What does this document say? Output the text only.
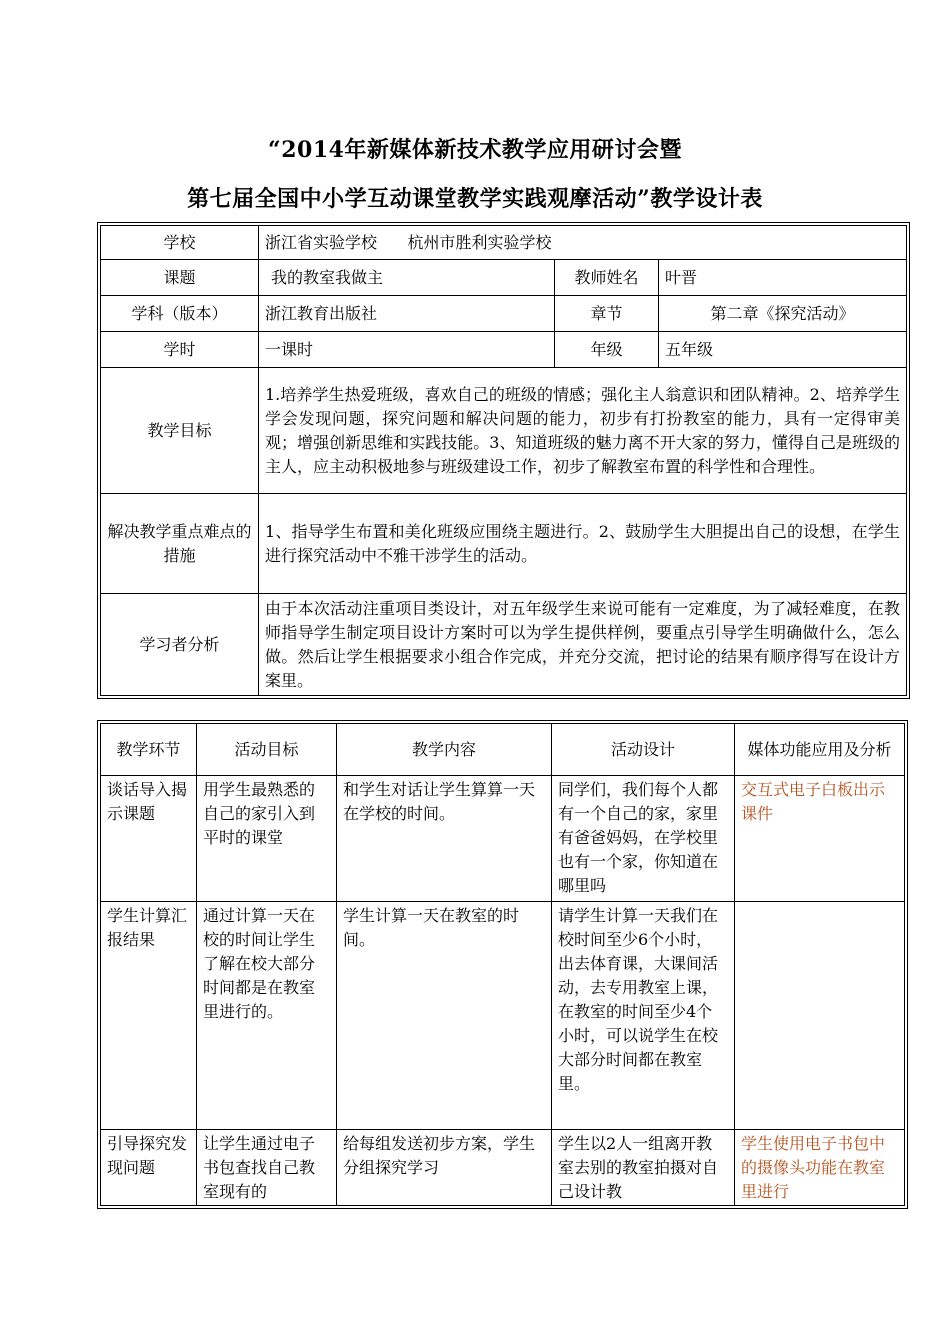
“2014年新媒体新技术教学应用研讨会暨
第七届全国中小学互动课堂教学实践观摩活动”教学设计表
学校	浙江省实验学校      杭州市胜利实验学校		
课题	我的教室我做主	教师姓名	叶晋
学科（版本）	浙江教育出版社	章节	第二章《探究活动》
学时	一课时	年级	五年级
教学目标	1.培养学生热爱班级，喜欢自己的班级的情感；强化主人翁意识和团队精神。2、培养学生学会发现问题，探究问题和解决问题的能力，初步有打扮教室的能力，具有一定得审美观；增强创新思维和实践技能。3、知道班级的魅力离不开大家的努力，懂得自己是班级的主人，应主动积极地参与班级建设工作，初步了解教室布置的科学性和合理性。		
解决教学重点难点的措施	1、指导学生布置和美化班级应围绕主题进行。2、鼓励学生大胆提出自己的设想，在学生进行探究活动中不雅干涉学生的活动。		
学习者分析	由于本次活动注重项目类设计，对五年级学生来说可能有一定难度，为了减轻难度，在教师指导学生制定项目设计方案时可以为学生提供样例，要重点引导学生明确做什么，怎么做。然后让学生根据要求小组合作完成，并充分交流，把讨论的结果有顺序得写在设计方案里。		
教学环节	活动目标	教学内容	活动设计	媒体功能应用及分析
谈话导入揭示课题	用学生最熟悉的自己的家引入到平时的课堂	和学生对话让学生算算一天在学校的时间。	同学们，我们每个人都有一个自己的家，家里有爸爸妈妈，在学校里也有一个家，你知道在哪里吗	交互式电子白板出示课件
学生计算汇报结果	通过计算一天在校的时间让学生了解在校大部分时间都是在教室里进行的。	学生计算一天在教室的时间。	请学生计算一天我们在校时间至少6个小时，出去体育课，大课间活动，去专用教室上课，在教室的时间至少4个小时，可以说学生在校大部分时间都在教室里。	
引导探究发现问题	让学生通过电子书包查找自己教室现有的	给每组发送初步方案，学生分组探究学习	学生以2人一组离开教室去别的教室拍摄对自己设计教	学生使用电子书包中的摄像头功能在教室里进行
